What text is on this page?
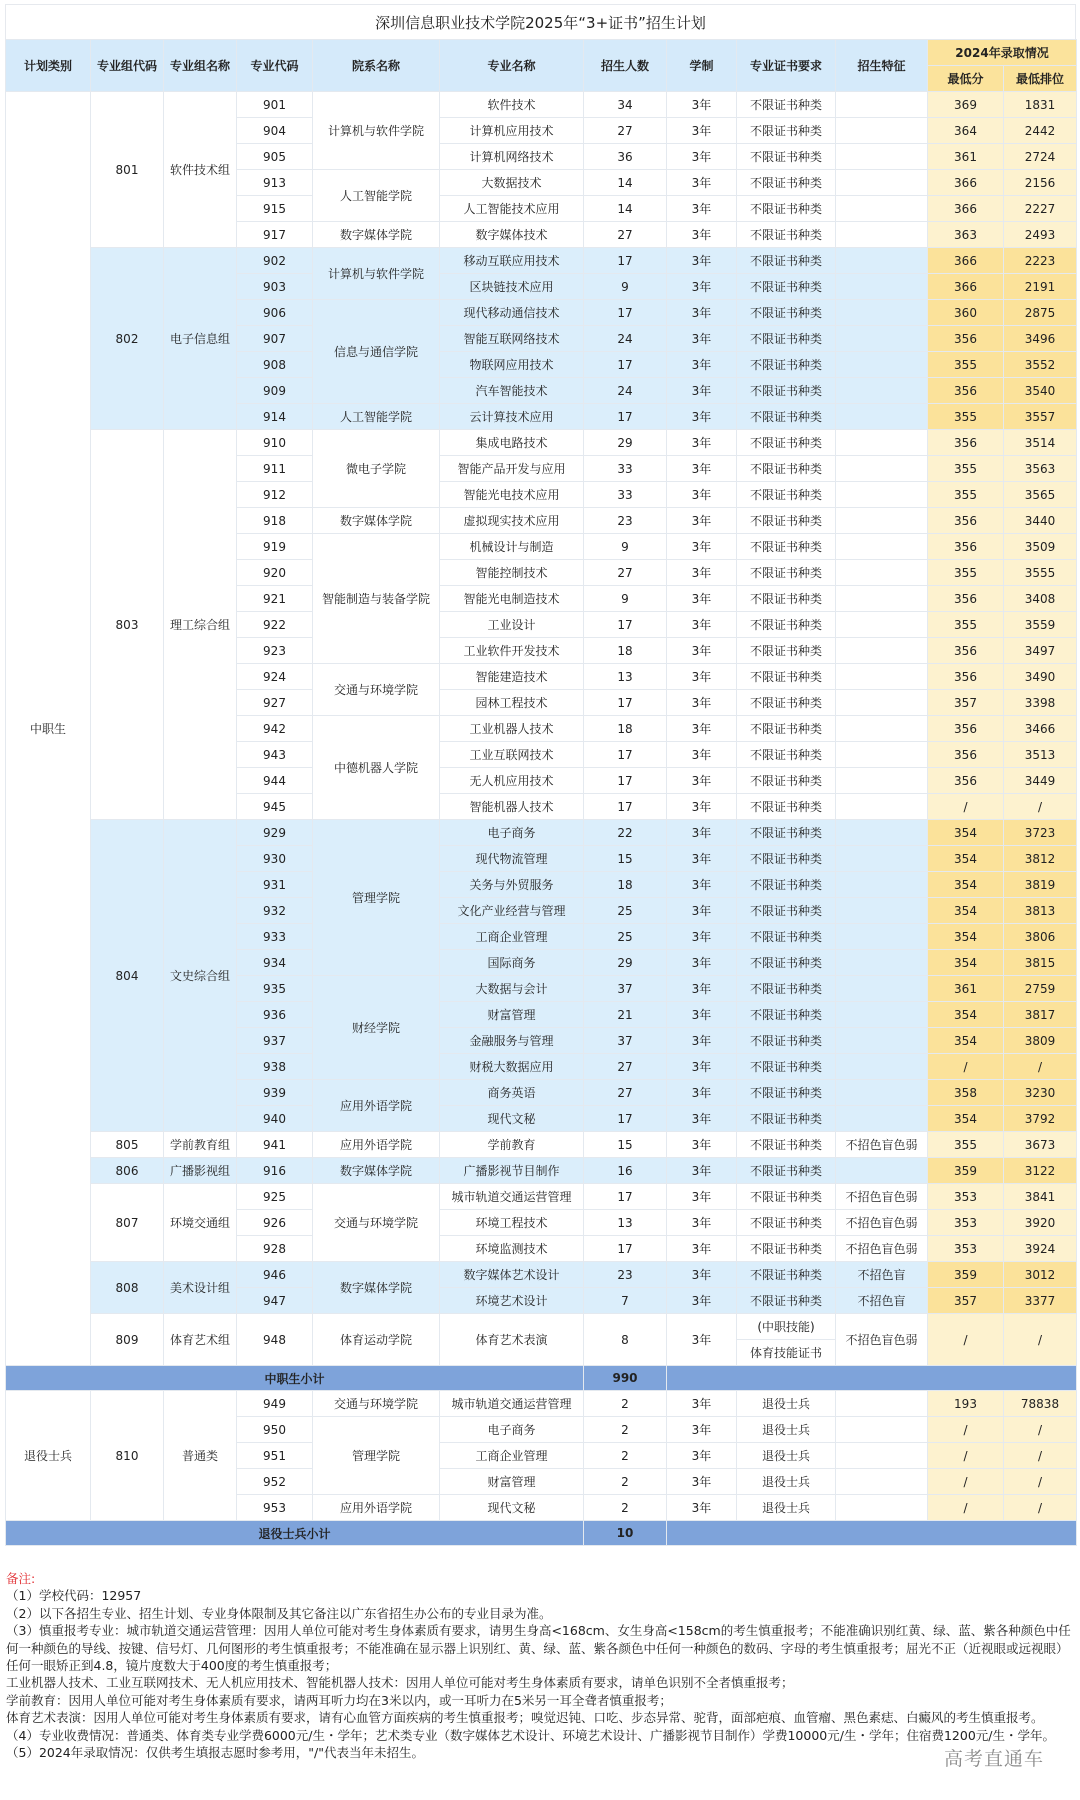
深圳信息职业技术学院2025年“3+证书”招生计划
计划类别	专业组代码	专业组名称	专业代码	院系名称	专业名称	招生人数	学制	专业证书要求	招生特征	2024年录取情况	
										最低分	最低排位
中职生	801	软件技术组	901	计算机与软件学院	软件技术	34	3年	不限证书种类		369	1831
			904		计算机应用技术	27	3年	不限证书种类		364	2442
			905		计算机网络技术	36	3年	不限证书种类		361	2724
			913	人工智能学院	大数据技术	14	3年	不限证书种类		366	2156
			915		人工智能技术应用	14	3年	不限证书种类		366	2227
			917	数字媒体学院	数字媒体技术	27	3年	不限证书种类		363	2493
	802	电子信息组	902	计算机与软件学院	移动互联应用技术	17	3年	不限证书种类		366	2223
			903		区块链技术应用	9	3年	不限证书种类		366	2191
			906	信息与通信学院	现代移动通信技术	17	3年	不限证书种类		360	2875
			907		智能互联网络技术	24	3年	不限证书种类		356	3496
			908		物联网应用技术	17	3年	不限证书种类		355	3552
			909		汽车智能技术	24	3年	不限证书种类		356	3540
			914	人工智能学院	云计算技术应用	17	3年	不限证书种类		355	3557
	803	理工综合组	910	微电子学院	集成电路技术	29	3年	不限证书种类		356	3514
			911		智能产品开发与应用	33	3年	不限证书种类		355	3563
			912		智能光电技术应用	33	3年	不限证书种类		355	3565
			918	数字媒体学院	虚拟现实技术应用	23	3年	不限证书种类		356	3440
			919	智能制造与装备学院	机械设计与制造	9	3年	不限证书种类		356	3509
			920		智能控制技术	27	3年	不限证书种类		355	3555
			921		智能光电制造技术	9	3年	不限证书种类		356	3408
			922		工业设计	17	3年	不限证书种类		355	3559
			923		工业软件开发技术	18	3年	不限证书种类		356	3497
			924	交通与环境学院	智能建造技术	13	3年	不限证书种类		356	3490
			927		园林工程技术	17	3年	不限证书种类		357	3398
			942	中德机器人学院	工业机器人技术	18	3年	不限证书种类		356	3466
			943		工业互联网技术	17	3年	不限证书种类		356	3513
			944		无人机应用技术	17	3年	不限证书种类		356	3449
			945		智能机器人技术	17	3年	不限证书种类		/	/
	804	文史综合组	929	管理学院	电子商务	22	3年	不限证书种类		354	3723
			930		现代物流管理	15	3年	不限证书种类		354	3812
			931		关务与外贸服务	18	3年	不限证书种类		354	3819
			932		文化产业经营与管理	25	3年	不限证书种类		354	3813
			933		工商企业管理	25	3年	不限证书种类		354	3806
			934		国际商务	29	3年	不限证书种类		354	3815
			935	财经学院	大数据与会计	37	3年	不限证书种类		361	2759
			936		财富管理	21	3年	不限证书种类		354	3817
			937		金融服务与管理	37	3年	不限证书种类		354	3809
			938		财税大数据应用	27	3年	不限证书种类		/	/
			939	应用外语学院	商务英语	27	3年	不限证书种类		358	3230
			940		现代文秘	17	3年	不限证书种类		354	3792
	805	学前教育组	941	应用外语学院	学前教育	15	3年	不限证书种类	不招色盲色弱	355	3673
	806	广播影视组	916	数字媒体学院	广播影视节目制作	16	3年	不限证书种类		359	3122
	807	环境交通组	925	交通与环境学院	城市轨道交通运营管理	17	3年	不限证书种类	不招色盲色弱	353	3841
			926		环境工程技术	13	3年	不限证书种类	不招色盲色弱	353	3920
			928		环境监测技术	17	3年	不限证书种类	不招色盲色弱	353	3924
	808	美术设计组	946	数字媒体学院	数字媒体艺术设计	23	3年	不限证书种类	不招色盲	359	3012
			947		环境艺术设计	7	3年	不限证书种类	不招色盲	357	3377
	809	体育艺术组	948	体育运动学院	体育艺术表演	8	3年	(中职技能)	不招色盲色弱	/	/
								体育技能证书			
中职生小计						990					
退役士兵	810	普通类	949	交通与环境学院	城市轨道交通运营管理	2	3年	退役士兵		193	78838
			950	管理学院	电子商务	2	3年	退役士兵		/	/
			951		工商企业管理	2	3年	退役士兵		/	/
			952		财富管理	2	3年	退役士兵		/	/
			953	应用外语学院	现代文秘	2	3年	退役士兵		/	/
退役士兵小计						10					
备注:
（1）学校代码：12957
（2）以下各招生专业、招生计划、专业身体限制及其它备注以广东省招生办公布的专业目录为准。
（3）慎重报考专业：城市轨道交通运营管理：因用人单位可能对考生身体素质有要求，请男生身高<168cm、女生身高<158cm的考生慎重报考；不能准确识别红黄、绿、蓝、紫各种颜色中任何一种颜色的导线、按键、信号灯、几何图形的考生慎重报考；不能准确在显示器上识别红、黄、绿、蓝、紫各颜色中任何一种颜色的数码、字母的考生慎重报考；屈光不正（近视眼或远视眼）任何一眼矫正到4.8，镜片度数大于400度的考生慎重报考；
工业机器人技术、工业互联网技术、无人机应用技术、智能机器人技术：因用人单位可能对考生身体素质有要求，请单色识别不全者慎重报考；
学前教育：因用人单位可能对考生身体素质有要求，请两耳听力均在3米以内，或一耳听力在5米另一耳全聋者慎重报考；
体育艺术表演：因用人单位可能对考生身体素质有要求，请有心血管方面疾病的考生慎重报考；嗅觉迟钝、口吃、步态异常、驼背，面部疤痕、血管瘤、黑色素痣、白癜风的考生慎重报考。
（4）专业收费情况：普通类、体育类专业学费6000元/生・学年；艺术类专业（数字媒体艺术设计、环境艺术设计、广播影视节目制作）学费10000元/生・学年；住宿费1200元/生・学年。
（5）2024年录取情况：仅供考生填报志愿时参考用，"/"代表当年未招生。	高考直通车
